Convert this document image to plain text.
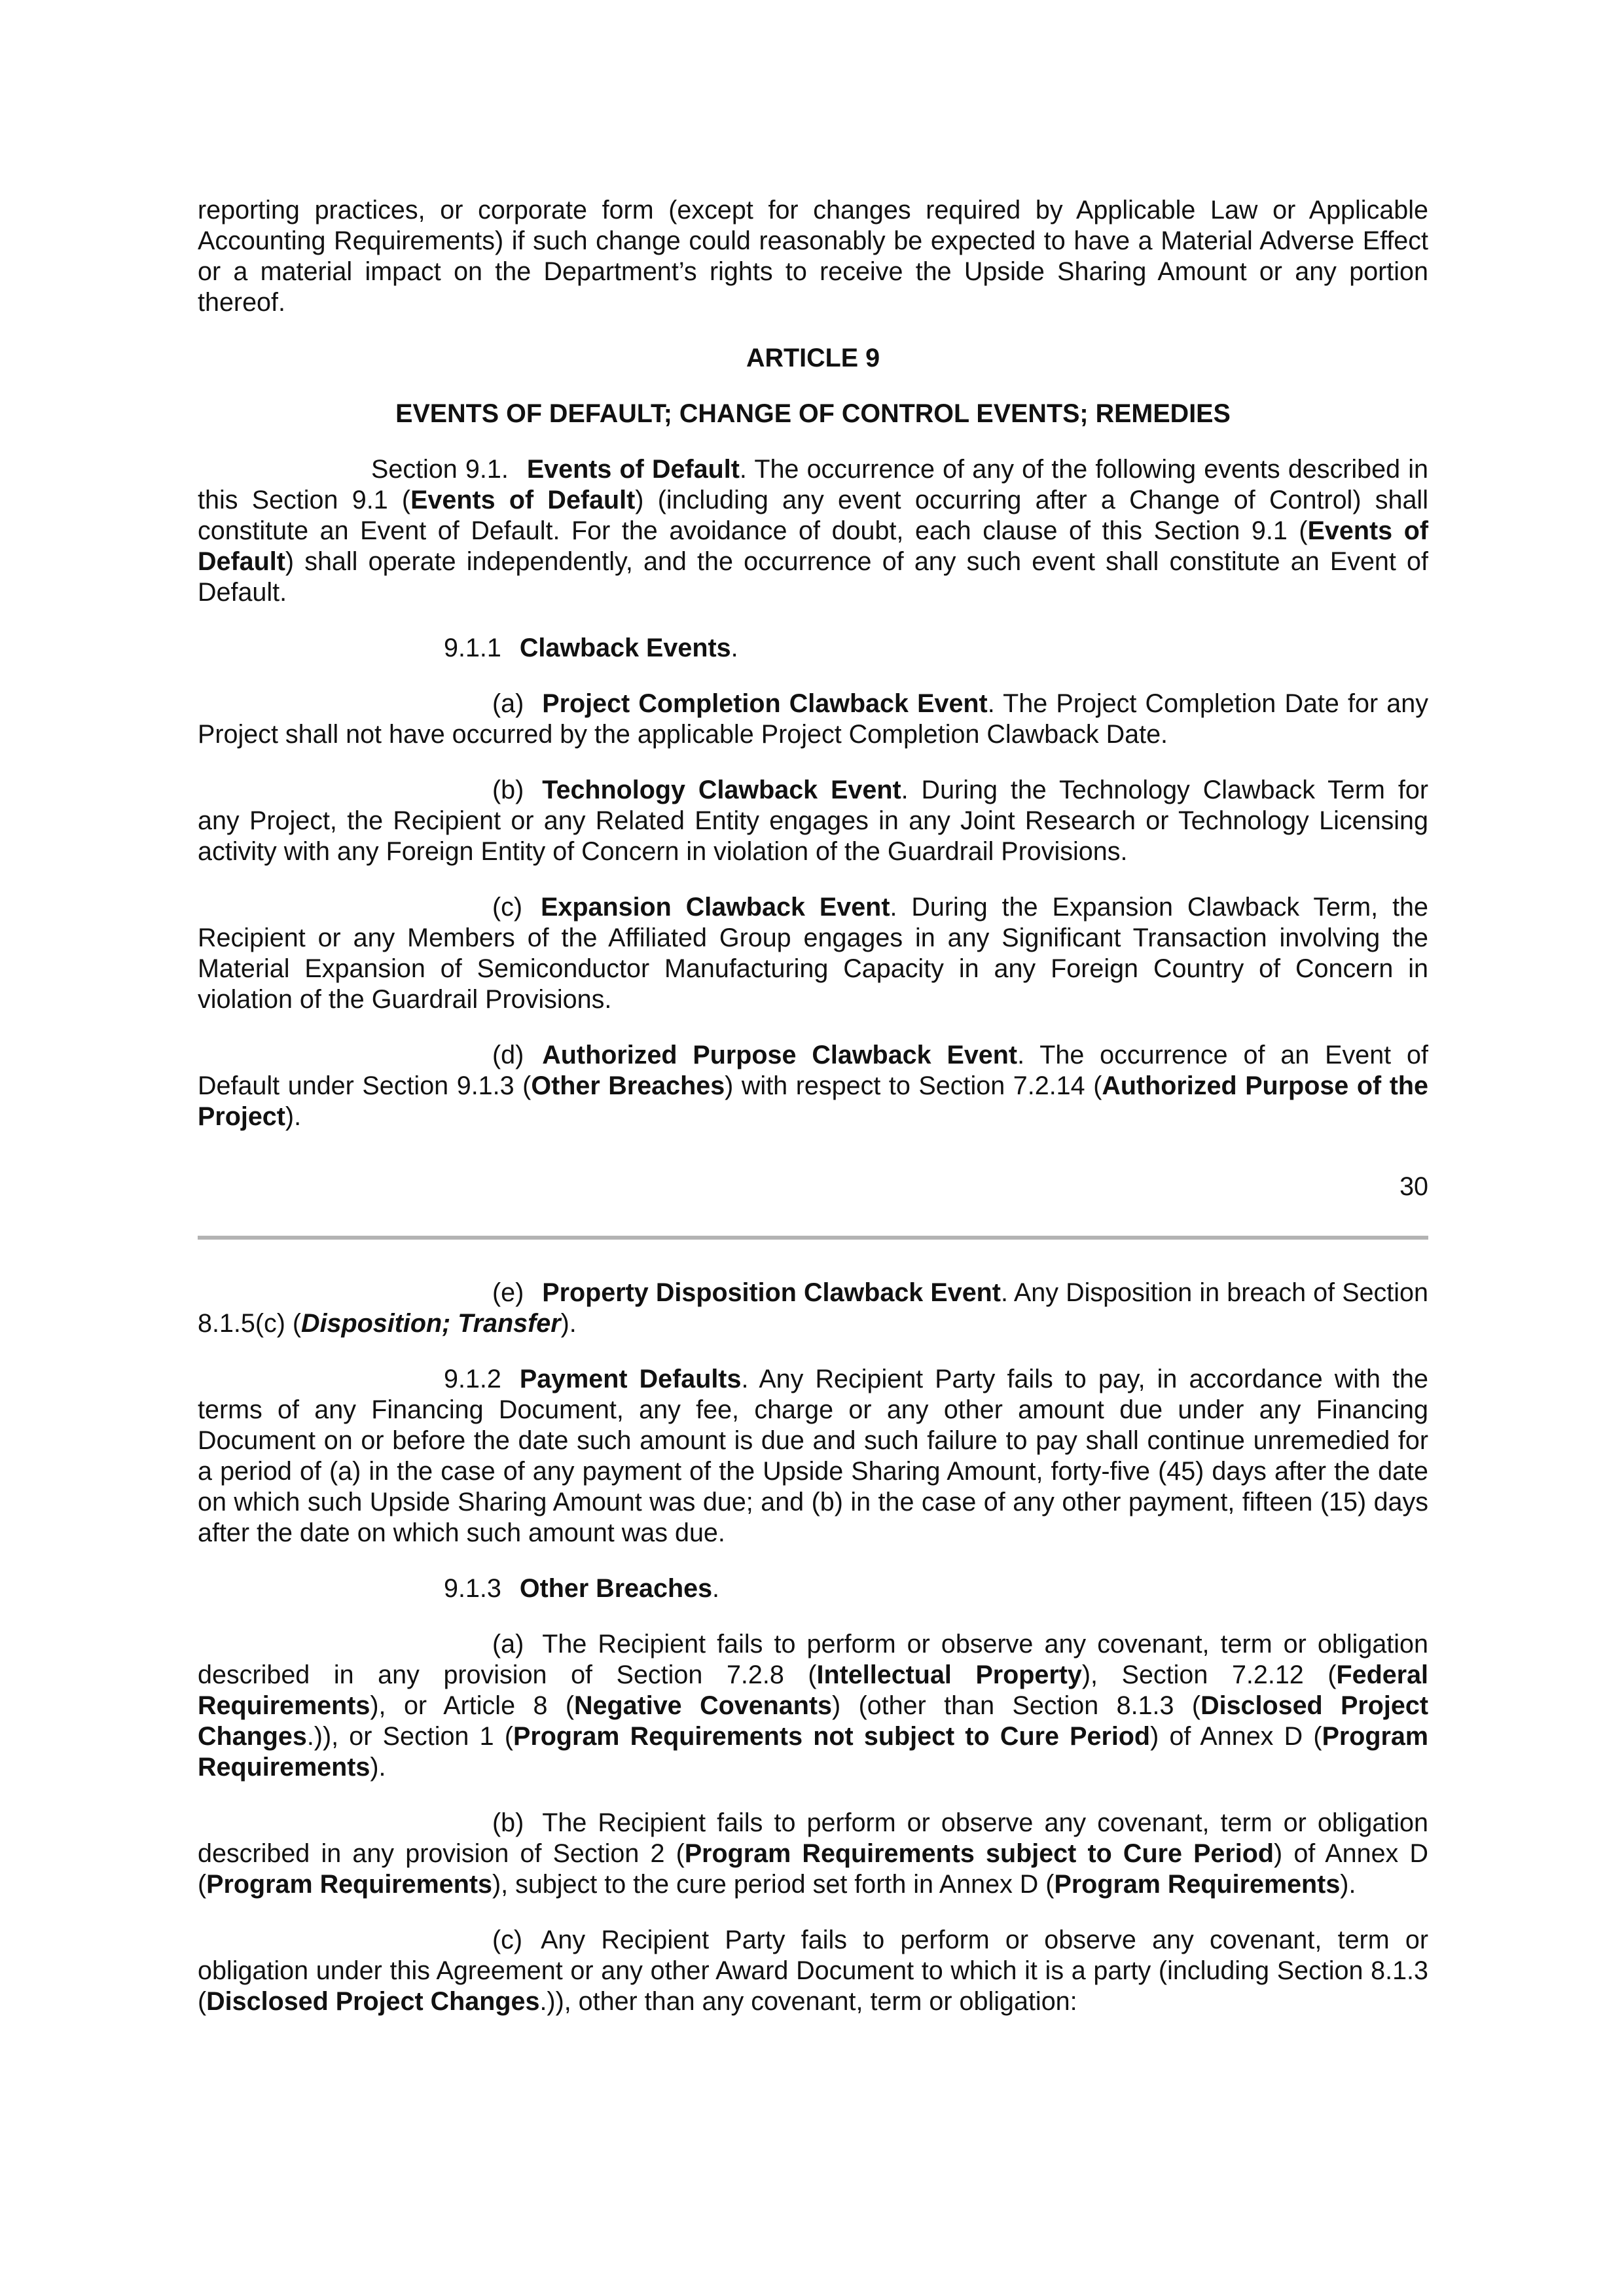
reporting practices, or corporate form (except for changes required by Applicable Law or Applicable Accounting Requirements) if such change could reasonably be expected to have a Material Adverse Effect or a material impact on the Department’s rights to receive the Upside Sharing Amount or any portion thereof.

ARTICLE 9

EVENTS OF DEFAULT; CHANGE OF CONTROL EVENTS; REMEDIES

Section 9.1. Events of Default. The occurrence of any of the following events described in this Section 9.1 (Events of Default) (including any event occurring after a Change of Control) shall constitute an Event of Default. For the avoidance of doubt, each clause of this Section 9.1 (Events of Default) shall operate independently, and the occurrence of any such event shall constitute an Event of Default.

9.1.1 Clawback Events.

(a) Project Completion Clawback Event. The Project Completion Date for any Project shall not have occurred by the applicable Project Completion Clawback Date.

(b) Technology Clawback Event. During the Technology Clawback Term for any Project, the Recipient or any Related Entity engages in any Joint Research or Technology Licensing activity with any Foreign Entity of Concern in violation of the Guardrail Provisions.

(c) Expansion Clawback Event. During the Expansion Clawback Term, the Recipient or any Members of the Affiliated Group engages in any Significant Transaction involving the Material Expansion of Semiconductor Manufacturing Capacity in any Foreign Country of Concern in violation of the Guardrail Provisions.

(d) Authorized Purpose Clawback Event. The occurrence of an Event of Default under Section 9.1.3 (Other Breaches) with respect to Section 7.2.14 (Authorized Purpose of the Project).

30

(e) Property Disposition Clawback Event. Any Disposition in breach of Section 8.1.5(c) (Disposition; Transfer).

9.1.2 Payment Defaults. Any Recipient Party fails to pay, in accordance with the terms of any Financing Document, any fee, charge or any other amount due under any Financing Document on or before the date such amount is due and such failure to pay shall continue unremedied for a period of (a) in the case of any payment of the Upside Sharing Amount, forty-five (45) days after the date on which such Upside Sharing Amount was due; and (b) in the case of any other payment, fifteen (15) days after the date on which such amount was due.

9.1.3 Other Breaches.

(a) The Recipient fails to perform or observe any covenant, term or obligation described in any provision of Section 7.2.8 (Intellectual Property), Section 7.2.12 (Federal Requirements), or Article 8 (Negative Covenants) (other than Section 8.1.3 (Disclosed Project Changes.)), or Section 1 (Program Requirements not subject to Cure Period) of Annex D (Program Requirements).

(b) The Recipient fails to perform or observe any covenant, term or obligation described in any provision of Section 2 (Program Requirements subject to Cure Period) of Annex D (Program Requirements), subject to the cure period set forth in Annex D (Program Requirements).

(c) Any Recipient Party fails to perform or observe any covenant, term or obligation under this Agreement or any other Award Document to which it is a party (including Section 8.1.3 (Disclosed Project Changes.)), other than any covenant, term or obligation:
